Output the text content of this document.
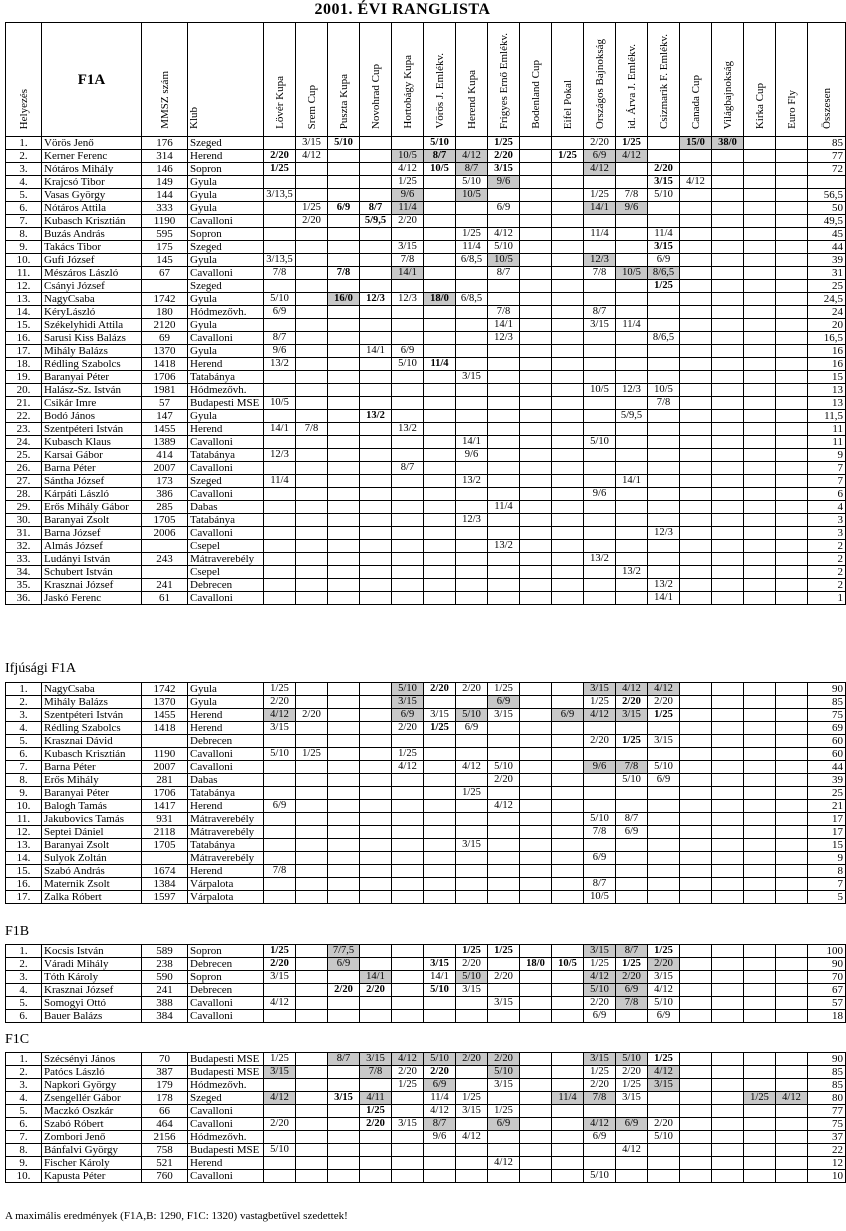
2001. ÉVI RANGLISTA
Helyezés	F1A	MMSZ szám	Klub	Lövér Kupa	Srem Cup	Puszta Kupa	Novohrad Cup	Hortobágy Kupa	Vörös J. Emlékv.	Herend Kupa	Frigyes Ernő Emlékv.	Bodenland Cup	Eifel Pokal	Országos Bajnokság	id. Árva J. Emlékv.	Csizmarik F. Emlékv.	Canada Cup	Világbajnokság	Kirka Cup	Euro Fly	Összesen	
1.	Vörös Jenő	176	Szeged		3/15	5/10			5/10		1/25			2/20	1/25		15/0	38/0			85	
2.	Kerner Ferenc	314	Herend	2/20	4/12			10/5	8/7	4/12	2/20		1/25	6/9	4/12						77	
3.	Nótáros Mihály	146	Sopron	1/25				4/12	10/5	8/7	3/15			4/12		2/20					72	
4.	Krajcsó Tibor	149	Gyula					1/25		5/10	9/6					3/15	4/12					
5.	Vasas György	144	Gyula	3/13,5				9/6		10/5				1/25	7/8	5/10					56,5	
6.	Nótáros Attila	333	Gyula		1/25	6/9	8/7	11/4			6/9			14/1	9/6						50	
7.	Kubasch Krisztián	1190	Cavalloni		2/20		5/9,5	2/20													49,5	
8.	Buzás András	595	Sopron							1/25	4/12			11/4		11/4					45	
9.	Takács Tibor	175	Szeged					3/15		11/4	5/10					3/15					44	
10.	Gufi József	145	Gyula	3/13,5				7/8		6/8,5	10/5			12/3		6/9					39	
11.	Mészáros László	67	Cavalloni	7/8		7/8		14/1			8/7			7/8	10/5	8/6,5					31	
12.	Csányi József		Szeged													1/25					25	
13.	NagyCsaba	1742	Gyula	5/10		16/0	12/3	12/3	18/0	6/8,5											24,5	
14.	KéryLászló	180	Hódmezővh.	6/9							7/8			8/7							24	
15.	Székelyhidi Attila	2120	Gyula								14/1			3/15	11/4						20	
16.	Sarusi Kiss Balázs	69	Cavalloni	8/7							12/3					8/6,5					16,5	
17.	Mihály Balázs	1370	Gyula	9/6			14/1	6/9													16	
18.	Rédling Szabolcs	1418	Herend	13/2				5/10	11/4												16	
19.	Baranyai Péter	1706	Tatabánya							3/15											15	
20.	Halász-Sz. István	1981	Hódmezővh.											10/5	12/3	10/5					13	
21.	Csikár Imre	57	Budapesti MSE	10/5												7/8					13	
22.	Bodó János	147	Gyula				13/2								5/9,5						11,5	
23.	Szentpéteri István	1455	Herend	14/1	7/8			13/2													11	
24.	Kubasch Klaus	1389	Cavalloni							14/1				5/10							11	
25.	Karsai Gábor	414	Tatabánya	12/3						9/6											9	
26.	Barna Péter	2007	Cavalloni					8/7													7	
27.	Sántha József	173	Szeged	11/4						13/2					14/1						7	
28.	Kárpáti László	386	Cavalloni											9/6							6	
29.	Erős Mihály Gábor	285	Dabas								11/4										4	
30.	Baranyai Zsolt	1705	Tatabánya							12/3											3	
31.	Barna József	2006	Cavalloni													12/3					3	
32.	Almás József		Csepel								13/2										2	
33.	Ludányi István	243	Mátraverebély											13/2							2	
34.	Schubert István		Csepel												13/2						2	
35.	Krasznai József	241	Debrecen													13/2					2	
36.	Jaskó Ferenc	61	Cavalloni													14/1					1	
Ifjúsági F1A
1.	NagyCsaba	1742	Gyula	1/25				5/10	2/20	2/20	1/25			3/15	4/12	4/12					90
2.	Mihály Balázs	1370	Gyula	2/20				3/15			6/9			1/25	2/20	2/20					85
3.	Szentpéteri István	1455	Herend	4/12	2/20			6/9	3/15	5/10	3/15		6/9	4/12	3/15	1/25					75
4.	Rédling Szabolcs	1418	Herend	3/15				2/20	1/25	6/9											69
5.	Krasznai Dávid		Debrecen											2/20	1/25	3/15					60
6.	Kubasch Krisztián	1190	Cavalloni	5/10	1/25			1/25													60
7.	Barna Péter	2007	Cavalloni					4/12		4/12	5/10			9/6	7/8	5/10					44
8.	Erős Mihály	281	Dabas								2/20				5/10	6/9					39
9.	Baranyai Péter	1706	Tatabánya							1/25											25
10.	Balogh Tamás	1417	Herend	6/9							4/12										21
11.	Jakubovics Tamás	931	Mátraverebély											5/10	8/7						17
12.	Septei Dániel	2118	Mátraverebély											7/8	6/9						17
13.	Baranyai Zsolt	1705	Tatabánya							3/15											15
14.	Sulyok Zoltán		Mátraverebély											6/9							9
15.	Szabó András	1674	Herend	7/8																	8
16.	Maternik Zsolt	1384	Várpalota											8/7							7
17.	Zalka Róbert	1597	Várpalota											10/5							5
F1B
1.	Kocsis István	589	Sopron	1/25		7/7,5				1/25	1/25			3/15	8/7	1/25					100
2.	Váradi Mihály	238	Debrecen	2/20		6/9			3/15	2/20		18/0	10/5	1/25	1/25	2/20					90
3.	Tóth Károly	590	Sopron	3/15			14/1		14/1	5/10	2/20			4/12	2/20	3/15					70
4.	Krasznai József	241	Debrecen			2/20	2/20		5/10	3/15				5/10	6/9	4/12					67
5.	Somogyi Ottó	388	Cavalloni	4/12							3/15			2/20	7/8	5/10					57
6.	Bauer Balázs	384	Cavalloni											6/9		6/9					18
F1C
1.	Szécsényi János	70	Budapesti MSE	1/25		8/7	3/15	4/12	5/10	2/20	2/20			3/15	5/10	1/25					90
2.	Patócs László	387	Budapesti MSE	3/15			7/8	2/20	2/20		5/10			1/25	2/20	4/12					85
3.	Napkori György	179	Hódmezővh.					1/25	6/9		3/15			2/20	1/25	3/15					85
4.	Zsengellér Gábor	178	Szeged	4/12		3/15	4/11		11/4	1/25			11/4	7/8	3/15				1/25	4/12	80
5.	Maczkó Oszkár	66	Cavalloni				1/25		4/12	3/15	1/25										77
6.	Szabó Róbert	464	Cavalloni	2/20			2/20	3/15	8/7		6/9			4/12	6/9	2/20					75
7.	Zombori Jenő	2156	Hódmezővh.						9/6	4/12				6/9		5/10					37
8.	Bánfalvi György	758	Budapesti MSE	5/10											4/12						22
9.	Fischer Károly	521	Herend								4/12										12
10.	Kapusta Péter	760	Cavalloni											5/10							10
A maximális eredmények (F1A,B: 1290, F1C: 1320) vastagbetűvel szedettek!
